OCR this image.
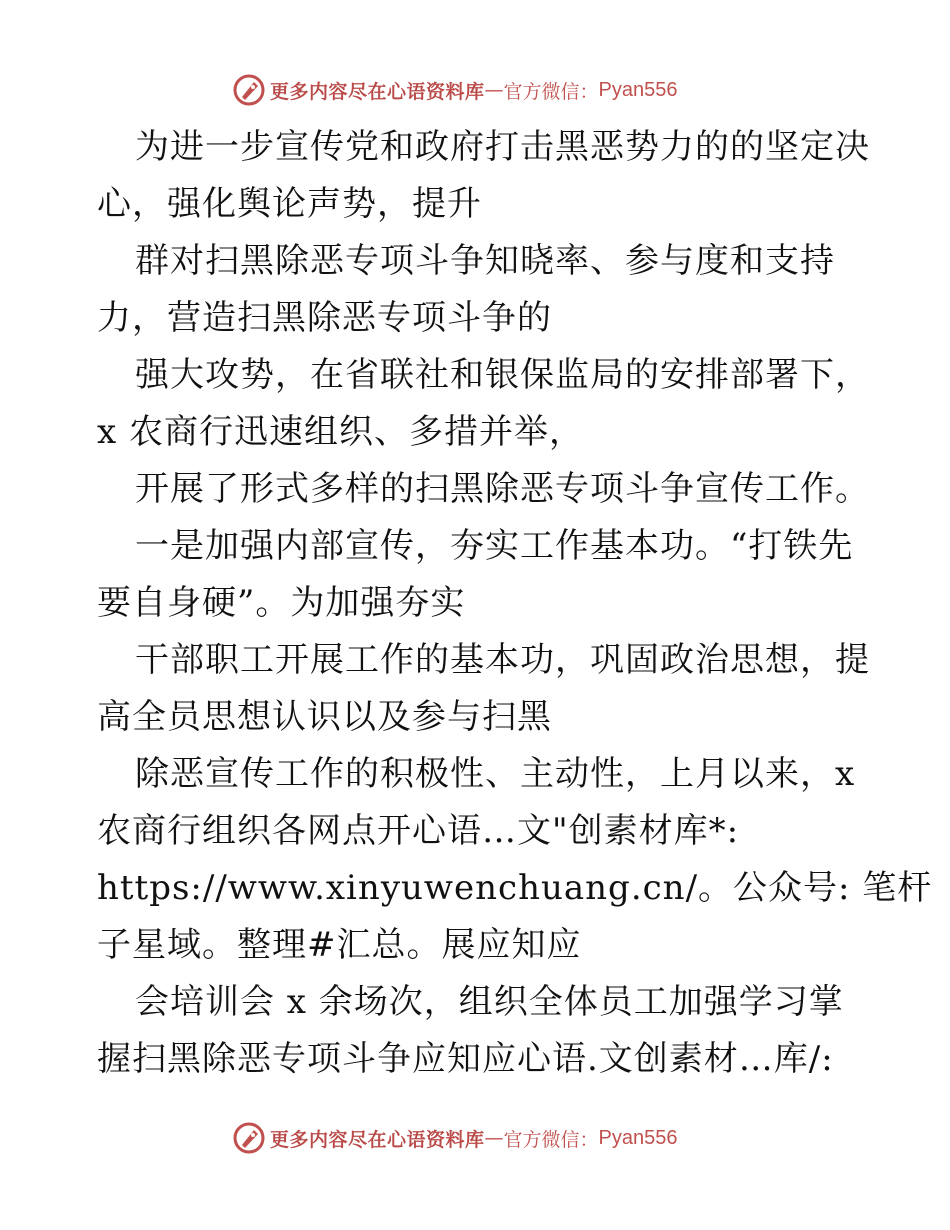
更多内容尽在心语资料库 — 官方微信： Pyan556

为进一步宣传党和政府打击黑恶势力的的坚定决

心，强化舆论声势，提升

群对扫黑除恶专项斗争知晓率、参与度和支持

力，营造扫黑除恶专项斗争的

强大攻势，在省联社和银保监局的安排部署下，

x 农商行迅速组织、多措并举，

开展了形式多样的扫黑除恶专项斗争宣传工作。

一是加强内部宣传，夯实工作基本功。“打铁先

要自身硬”。为加强夯实

干部职工开展工作的基本功，巩固政治思想，提

高全员思想认识以及参与扫黑

除恶宣传工作的积极性、主动性，上月以来，x

农商行组织各网点开心语…文"创素材库*:

https://www.xinyuwenchuang.cn/。公众号: 笔杆

子星域。整理#汇总。展应知应

会培训会 x 余场次，组织全体员工加强学习掌

握扫黑除恶专项斗争应知应心语.文创素材…库/:

更多内容尽在心语资料库 — 官方微信： Pyan556
